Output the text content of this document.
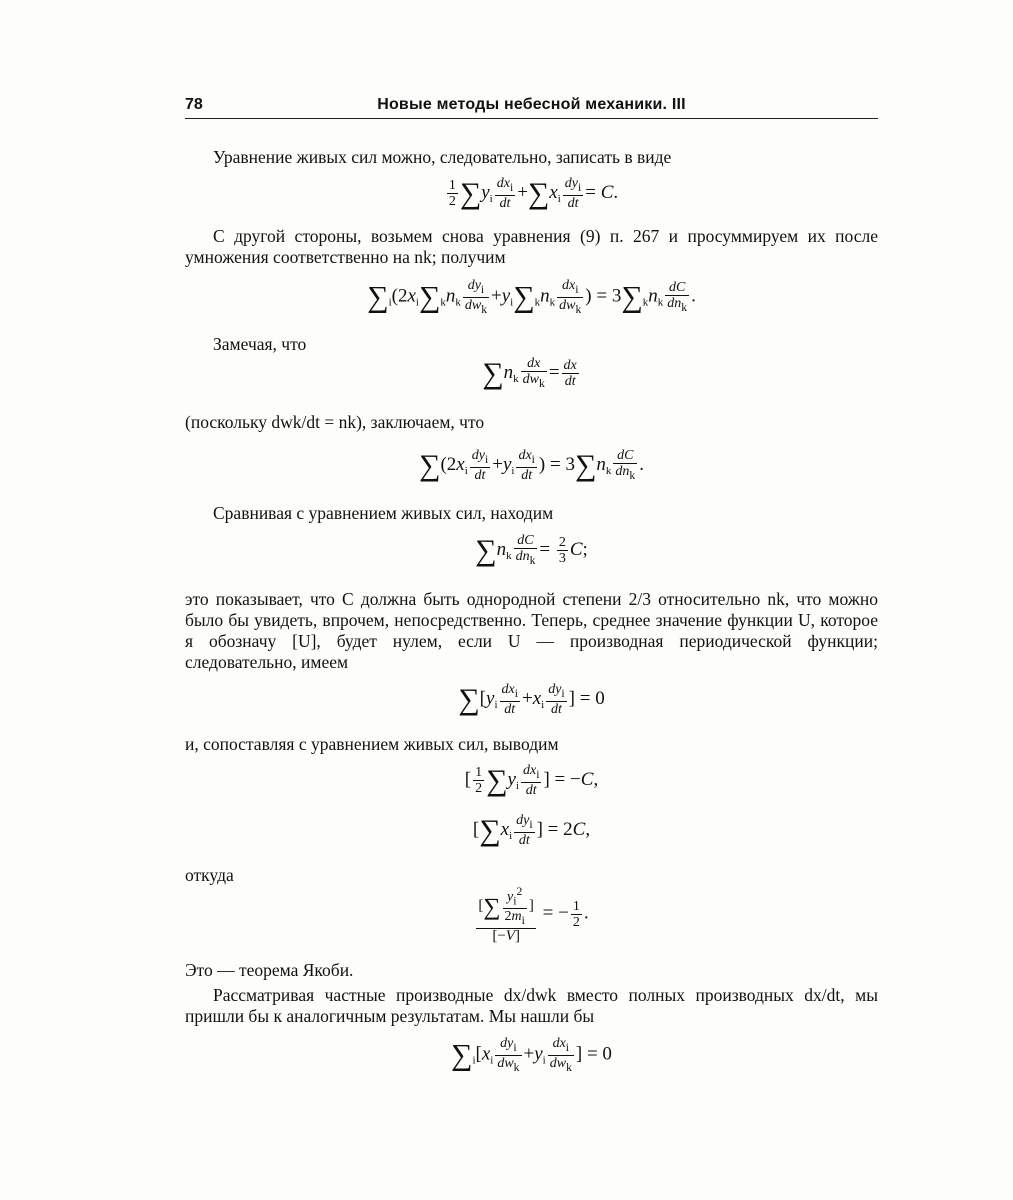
78	Новые методы небесной механики. III

Уравнение живых сил можно, следовательно, записать в виде

$\frac{1}{2} \sum y_i \frac{dx_i}{dt} +\sum x_i \frac{dy_i}{dt} = C$.

С другой стороны, возьмем снова уравнения (9) п. 267 и просуммируем их после умножения соответственно на nk; получим

$\sum_i(2x_i\sum_kn_k \frac{dy_i}{dw_k} +y_i\sum_kn_k \frac{dx_i}{dw_k}$ ) = $3\sum_kn_k \frac{dC}{dn_k}$ .

Замечая, что

$\sum n_k \frac{dx}{dw_k} = \frac{dx}{dt}$

(поскольку dwk/dt = nk), заключаем, что

$\sum(2x_i \frac{dy_i}{dt} +y_i \frac{dx_i}{dt}$ ) = $3\sum n_k \frac{dC}{dn_k}$ .

Сравнивая с уравнением живых сил, находим

$\sum n_k \frac{dC}{dn_k} = \frac{2}{3} C$;

это показывает, что C должна быть однородной степени 2/3 относительно nk, что можно было бы увидеть, впрочем, непосредственно. Теперь, среднее значение функции U, которое я обозначу [U], будет нулем, если U — производная периодической функции; следовательно, имеем

$\sum[y_i \frac{dx_i}{dt} +x_i \frac{dy_i}{dt}$ ] = 0

и, сопоставляя с уравнением живых сил, выводим

[ $\frac{1}{2} \sum y_i \frac{dx_i}{dt}$ ] = −C,
[$\sum x_i \frac{dy_i}{dt}$ ] = 2C,

откуда

$\frac{[\sum \frac{y_i^2}{2m_i} ]}{[-V]}$ = − $\frac{1}{2}$ .

Это — теорема Якоби.

Рассматривая частные производные dx/dwk вместо полных производных dx/dt, мы пришли бы к аналогичным результатам. Мы нашли бы

$\sum_i[x_i \frac{dy_i}{dw_k} +y_i \frac{dx_i}{dw_k}$ ] = 0
